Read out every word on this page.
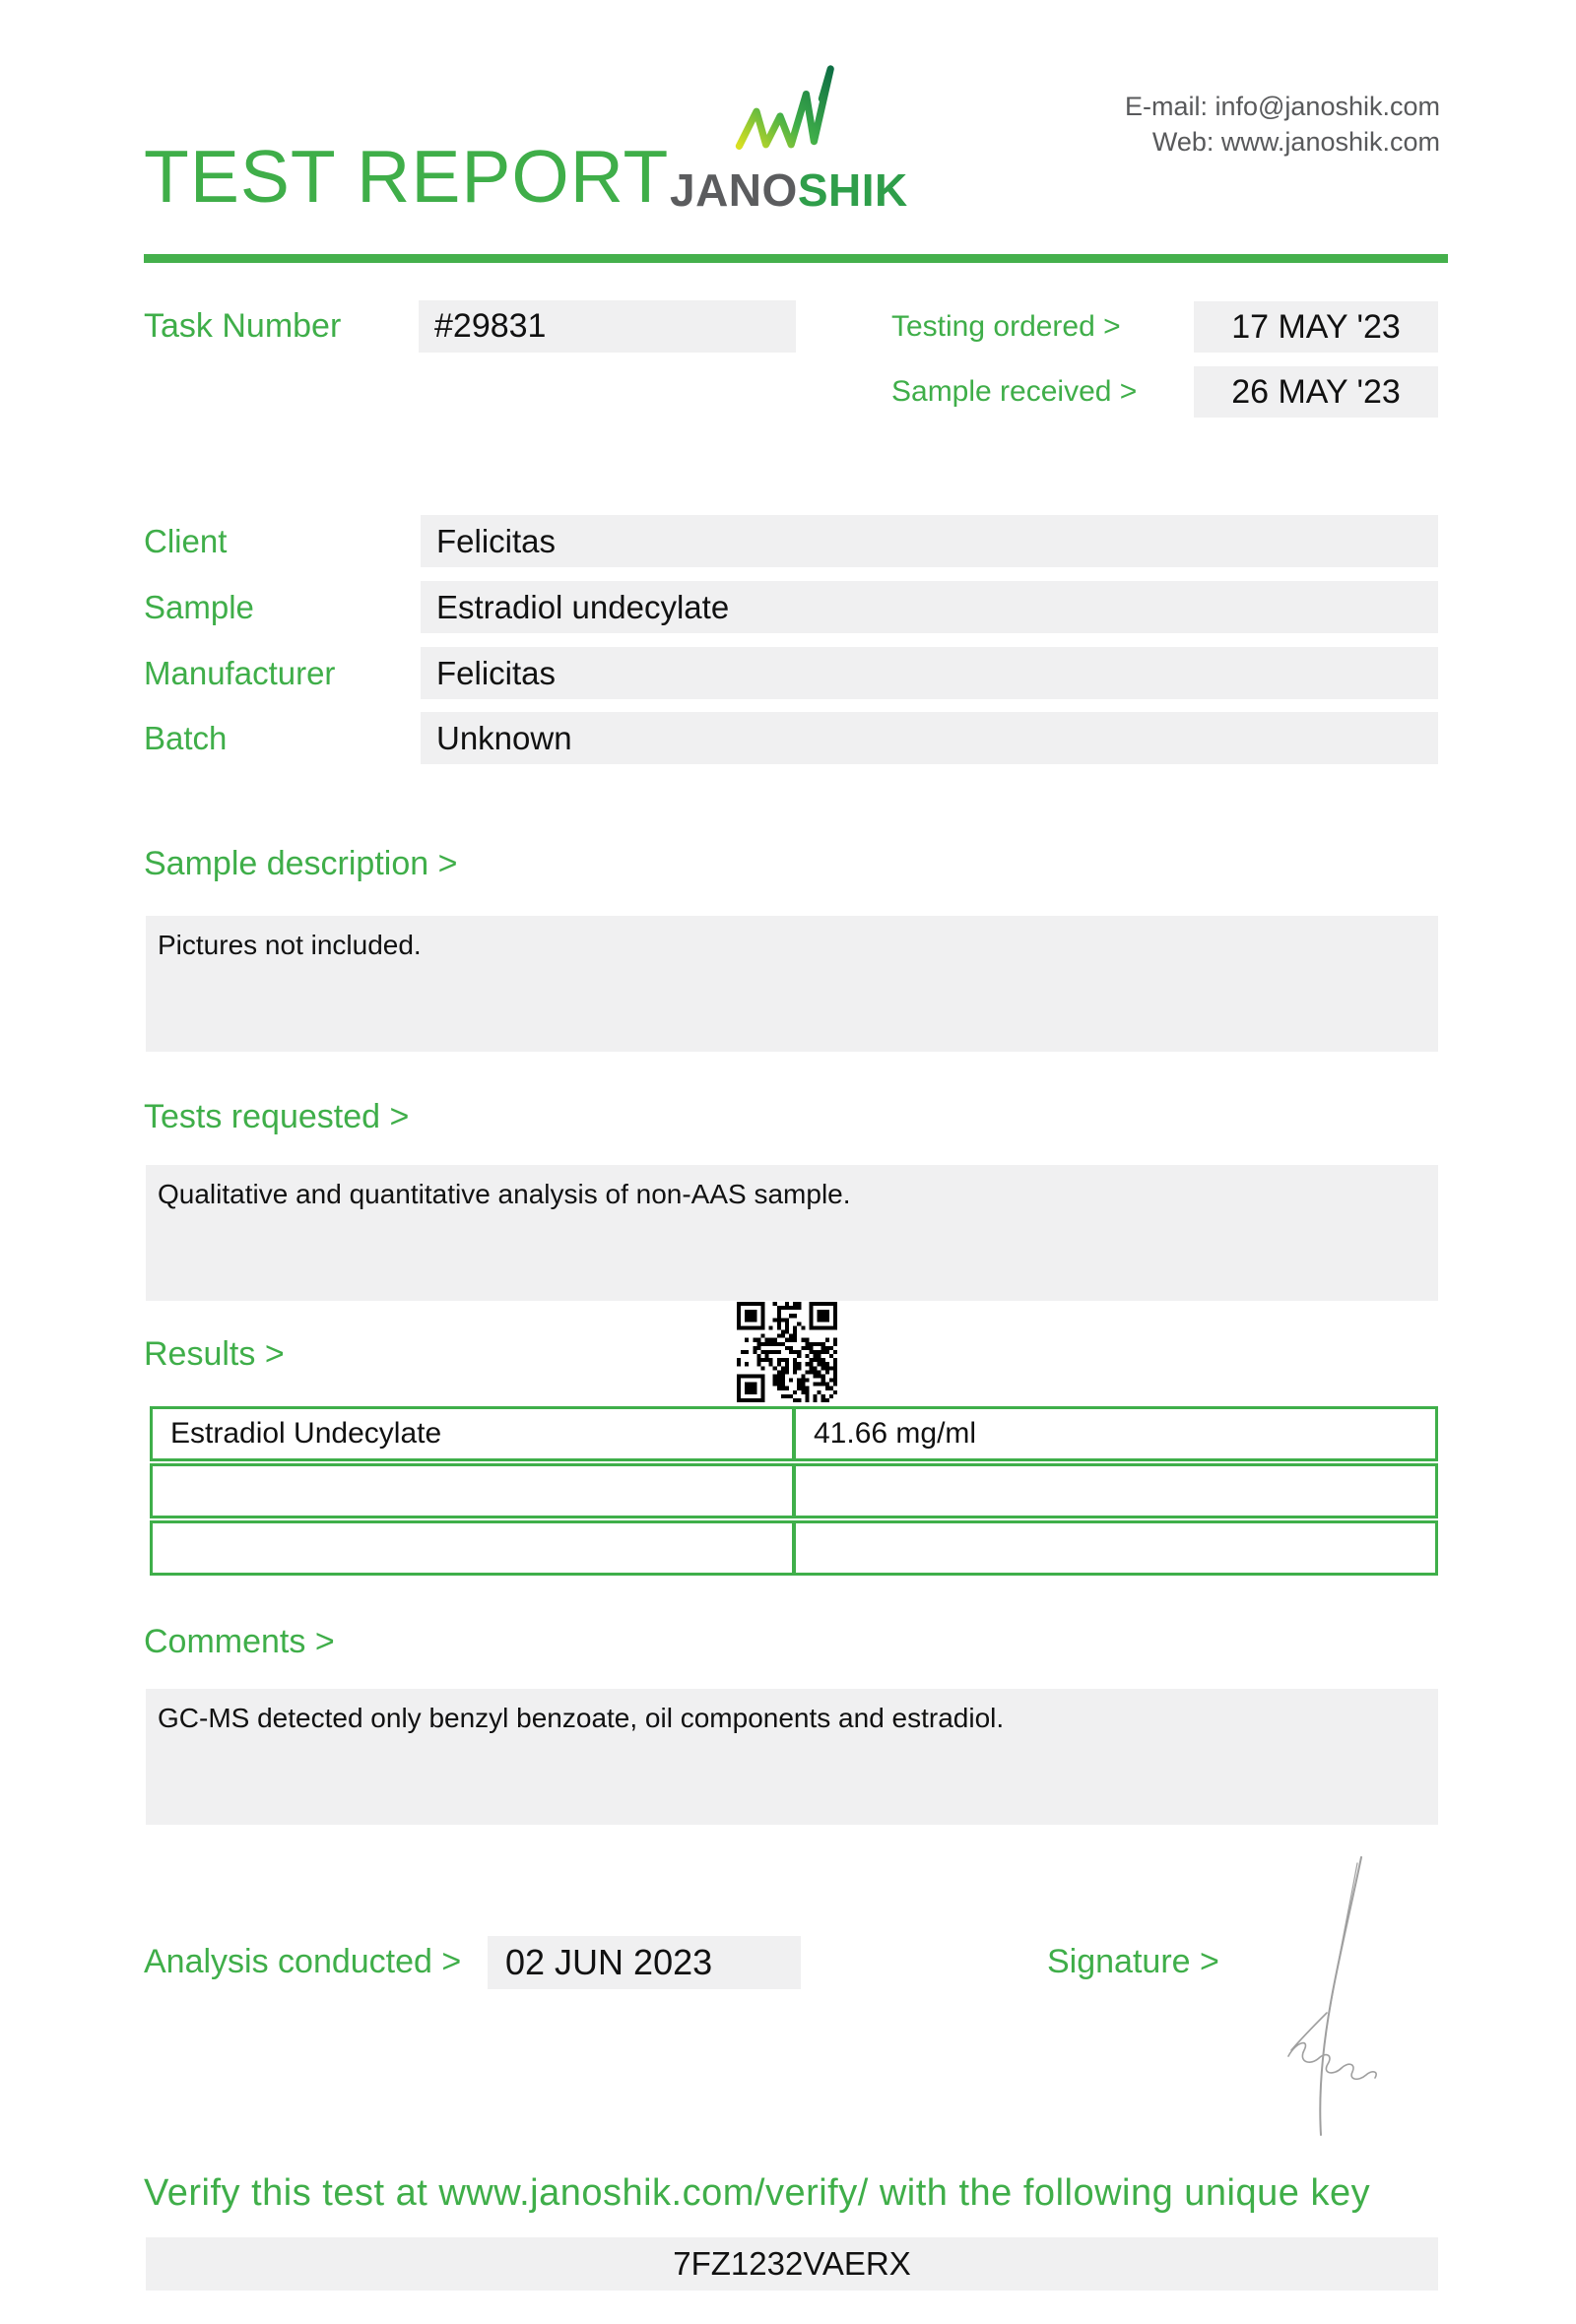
TEST REPORT JANOSHIK
E-mail: info@janoshik.com
Web: www.janoshik.com
Task Number	#29831	Testing ordered >	17 MAY '23
Sample received >	26 MAY '23
Client	Felicitas
Sample	Estradiol undecylate
Manufacturer	Felicitas
Batch	Unknown
Sample description >
Pictures not included.
Tests requested >
Qualitative and quantitative analysis of non-AAS sample.
Results >
Estradiol Undecylate	41.66 mg/ml
Comments >
GC-MS detected only benzyl benzoate, oil components and estradiol.
Analysis conducted >	02 JUN 2023	Signature >
Verify this test at www.janoshik.com/verify/ with the following unique key
7FZ1232VAERX
